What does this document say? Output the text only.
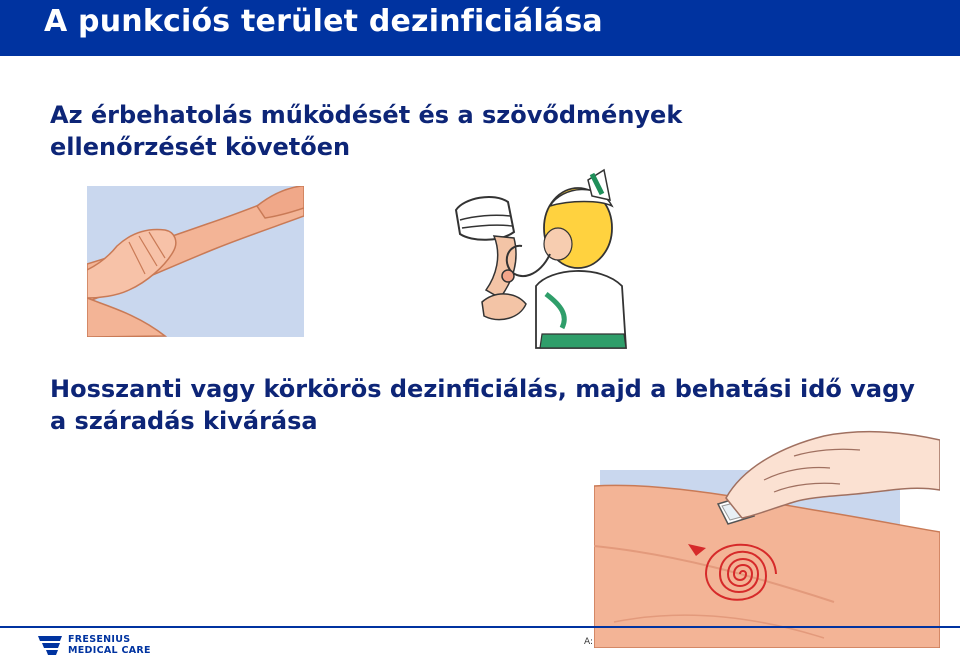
A punkciós terület dezinficiálása

Az érbehatolás működését és a szövődmények ellenőrzését követően

Hosszanti vagy körkörös dezinficiálás, majd a behatási idő vagy a száradás kivárása

FRESENIUS
MEDICAL CARE
A:
